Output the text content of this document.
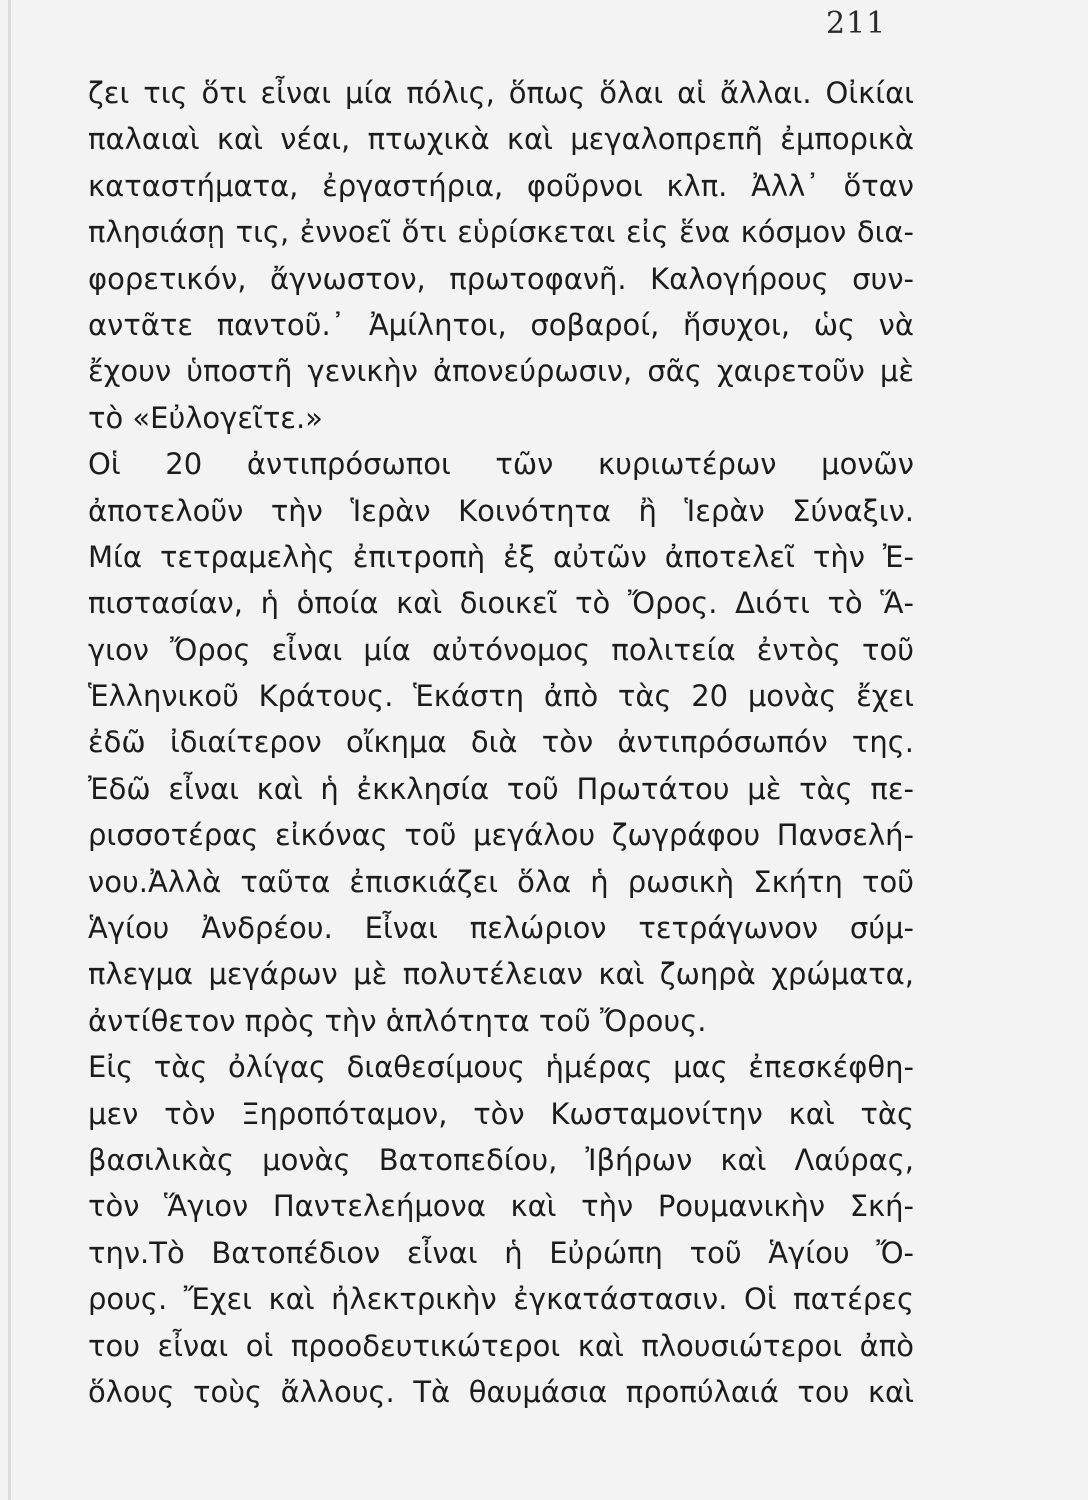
211
ζει τις ὅτι εἶναι μία πόλις, ὅπως ὅλαι αἱ ἄλλαι. Οἰκίαι
παλαιαὶ καὶ νέαι, πτωχικὰ καὶ μεγαλοπρεπῆ ἐμπορικὰ
καταστήματα, ἐργαστήρια, φοῦρνοι κλπ. Ἀλλ᾿ ὅταν
πλησιάσῃ τις, ἐννοεῖ ὅτι εὑρίσκεται εἰς ἕνα κόσμον δια-
φορετικόν, ἄγνωστον, πρωτοφανῆ. Καλογήρους συν-
αντᾶτε παντοῦ.᾿ Ἀμίλητοι, σοβαροί, ἥσυχοι, ὡς νὰ
ἔχουν ὑποστῆ γενικὴν ἀπονεύρωσιν, σᾶς χαιρετοῦν μὲ
τὸ «Εὐλογεῖτε.»
Οἱ 20 ἀντιπρόσωποι τῶν κυριωτέρων μονῶν
ἀποτελοῦν τὴν Ἱερὰν Κοινότητα ἢ Ἱερὰν Σύναξιν.
Μία τετραμελὴς ἐπιτροπὴ ἐξ αὐτῶν ἀποτελεῖ τὴν Ἐ-
πιστασίαν, ἡ ὁποία καὶ διοικεῖ τὸ Ὄρος. Διότι τὸ Ἅ-
γιον Ὄρος εἶναι μία αὐτόνομος πολιτεία ἐντὸς τοῦ
Ἑλληνικοῦ Κράτους. Ἑκάστη ἀπὸ τὰς 20 μονὰς ἔχει
ἐδῶ ἰδιαίτερον οἴκημα διὰ τὸν ἀντιπρόσωπόν της.
Ἐδῶ εἶναι καὶ ἡ ἐκκλησία τοῦ Πρωτάτου μὲ τὰς πε-
ρισσοτέρας εἰκόνας τοῦ μεγάλου ζωγράφου Πανσελή-
νου.Ἀλλὰ ταῦτα ἐπισκιάζει ὅλα ἡ ρωσικὴ Σκήτη τοῦ
Ἁγίου Ἀνδρέου. Εἶναι πελώριον τετράγωνον σύμ-
πλεγμα μεγάρων μὲ πολυτέλειαν καὶ ζωηρὰ χρώματα,
ἀντίθετον πρὸς τὴν ἁπλότητα τοῦ Ὄρους.
Εἰς τὰς ὀλίγας διαθεσίμους ἡμέρας μας ἐπεσκέφθη-
μεν τὸν Ξηροπόταμον, τὸν Κωσταμονίτην καὶ τὰς
βασιλικὰς μονὰς Βατοπεδίου, Ἰβήρων καὶ Λαύρας,
τὸν Ἅγιον Παντελεήμονα καὶ τὴν Ρουμανικὴν Σκή-
την.Τὸ Βατοπέδιον εἶναι ἡ Εὐρώπη τοῦ Ἁγίου Ὄ-
ρους. Ἔχει καὶ ἠλεκτρικὴν ἐγκατάστασιν. Οἱ πατέρες
του εἶναι οἱ προοδευτικώτεροι καὶ πλουσιώτεροι ἀπὸ
ὅλους τοὺς ἄλλους. Τὰ θαυμάσια προπύλαιά του καὶ
